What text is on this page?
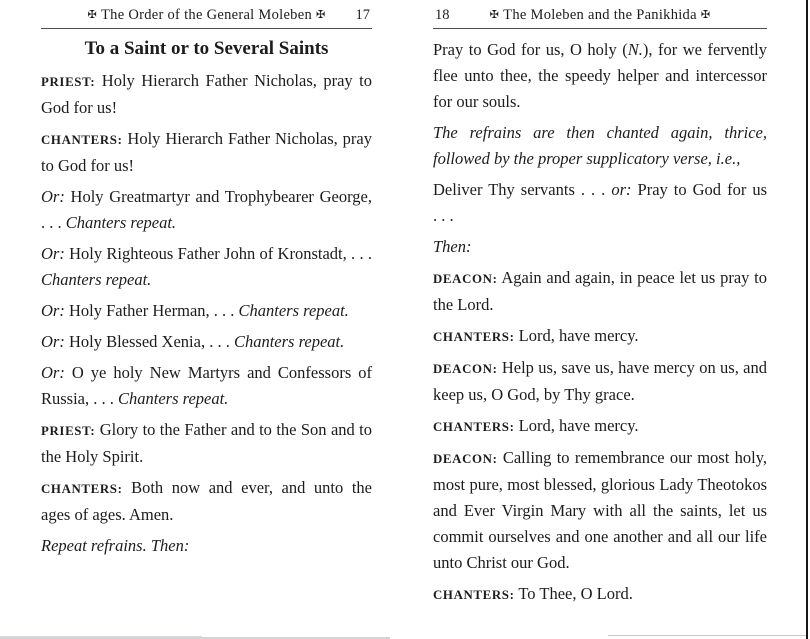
✠ The Order of the General Moleben ✠ 17
To a Saint or to Several Saints

PRIEST: Holy Hierarch Father Nicholas, pray to God for us!

CHANTERS: Holy Hierarch Father Nicholas, pray to God for us!

Or: Holy Greatmartyr and Trophybearer George, . . . Chanters repeat.

Or: Holy Righteous Father John of Kronstadt, . . . Chanters repeat.

Or: Holy Father Herman, . . . Chanters repeat.

Or: Holy Blessed Xenia, . . . Chanters repeat.

Or: O ye holy New Martyrs and Confessors of Russia, . . . Chanters repeat.

PRIEST: Glory to the Father and to the Son and to the Holy Spirit.

CHANTERS: Both now and ever, and unto the ages of ages. Amen.

Repeat refrains. Then:

18	✠ The Moleben and the Panikhida ✠

Pray to God for us, O holy (N.), for we fervently flee unto thee, the speedy helper and intercessor for our souls.

The refrains are then chanted again, thrice, followed by the proper supplicatory verse, i.e.,

Deliver Thy servants . . . or: Pray to God for us . . .

Then:

DEACON: Again and again, in peace let us pray to the Lord.

CHANTERS: Lord, have mercy.

DEACON: Help us, save us, have mercy on us, and keep us, O God, by Thy grace.

CHANTERS: Lord, have mercy.

DEACON: Calling to remembrance our most holy, most pure, most blessed, glorious Lady Theotokos and Ever Virgin Mary with all the saints, let us commit ourselves and one another and all our life unto Christ our God.

CHANTERS: To Thee, O Lord.
